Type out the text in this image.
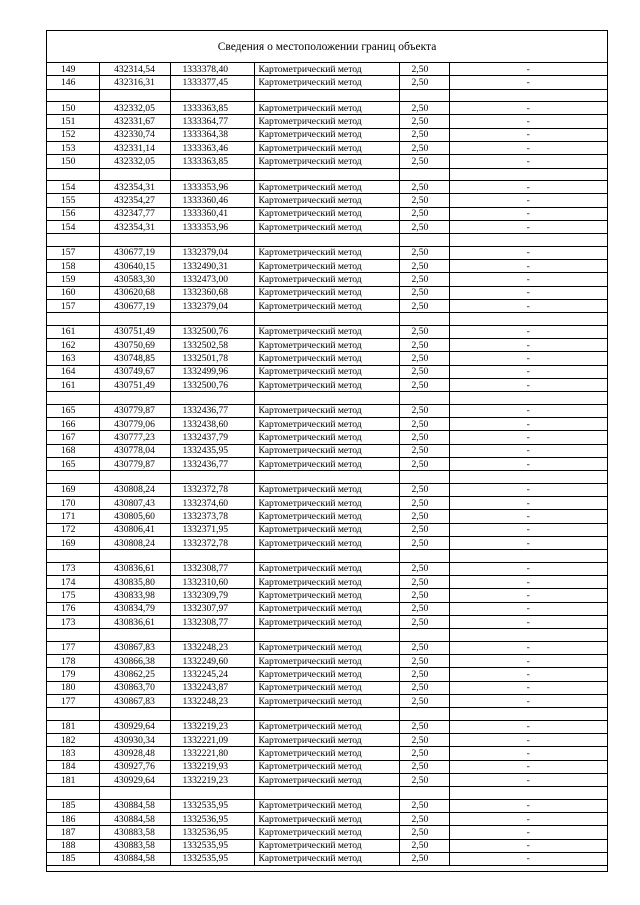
Сведения о местоположении границ объекта
149	432314,54	1333378,40	Картометрический метод	2,50	-
146	432316,31	1333377,45	Картометрический метод	2,50	-

150	432332,05	1333363,85	Картометрический метод	2,50	-
151	432331,67	1333364,77	Картометрический метод	2,50	-
152	432330,74	1333364,38	Картометрический метод	2,50	-
153	432331,14	1333363,46	Картометрический метод	2,50	-
150	432332,05	1333363,85	Картометрический метод	2,50	-

154	432354,31	1333353,96	Картометрический метод	2,50	-
155	432354,27	1333360,46	Картометрический метод	2,50	-
156	432347,77	1333360,41	Картометрический метод	2,50	-
154	432354,31	1333353,96	Картометрический метод	2,50	-

157	430677,19	1332379,04	Картометрический метод	2,50	-
158	430640,15	1332490,31	Картометрический метод	2,50	-
159	430583,30	1332473,00	Картометрический метод	2,50	-
160	430620,68	1332360,68	Картометрический метод	2,50	-
157	430677,19	1332379,04	Картометрический метод	2,50	-

161	430751,49	1332500,76	Картометрический метод	2,50	-
162	430750,69	1332502,58	Картометрический метод	2,50	-
163	430748,85	1332501,78	Картометрический метод	2,50	-
164	430749,67	1332499,96	Картометрический метод	2,50	-
161	430751,49	1332500,76	Картометрический метод	2,50	-

165	430779,87	1332436,77	Картометрический метод	2,50	-
166	430779,06	1332438,60	Картометрический метод	2,50	-
167	430777,23	1332437,79	Картометрический метод	2,50	-
168	430778,04	1332435,95	Картометрический метод	2,50	-
165	430779,87	1332436,77	Картометрический метод	2,50	-

169	430808,24	1332372,78	Картометрический метод	2,50	-
170	430807,43	1332374,60	Картометрический метод	2,50	-
171	430805,60	1332373,78	Картометрический метод	2,50	-
172	430806,41	1332371,95	Картометрический метод	2,50	-
169	430808,24	1332372,78	Картометрический метод	2,50	-

173	430836,61	1332308,77	Картометрический метод	2,50	-
174	430835,80	1332310,60	Картометрический метод	2,50	-
175	430833,98	1332309,79	Картометрический метод	2,50	-
176	430834,79	1332307,97	Картометрический метод	2,50	-
173	430836,61	1332308,77	Картометрический метод	2,50	-

177	430867,83	1332248,23	Картометрический метод	2,50	-
178	430866,38	1332249,60	Картометрический метод	2,50	-
179	430862,25	1332245,24	Картометрический метод	2,50	-
180	430863,70	1332243,87	Картометрический метод	2,50	-
177	430867,83	1332248,23	Картометрический метод	2,50	-

181	430929,64	1332219,23	Картометрический метод	2,50	-
182	430930,34	1332221,09	Картометрический метод	2,50	-
183	430928,48	1332221,80	Картометрический метод	2,50	-
184	430927,76	1332219,93	Картометрический метод	2,50	-
181	430929,64	1332219,23	Картометрический метод	2,50	-

185	430884,58	1332535,95	Картометрический метод	2,50	-
186	430884,58	1332536,95	Картометрический метод	2,50	-
187	430883,58	1332536,95	Картометрический метод	2,50	-
188	430883,58	1332535,95	Картометрический метод	2,50	-
185	430884,58	1332535,95	Картометрический метод	2,50	-
